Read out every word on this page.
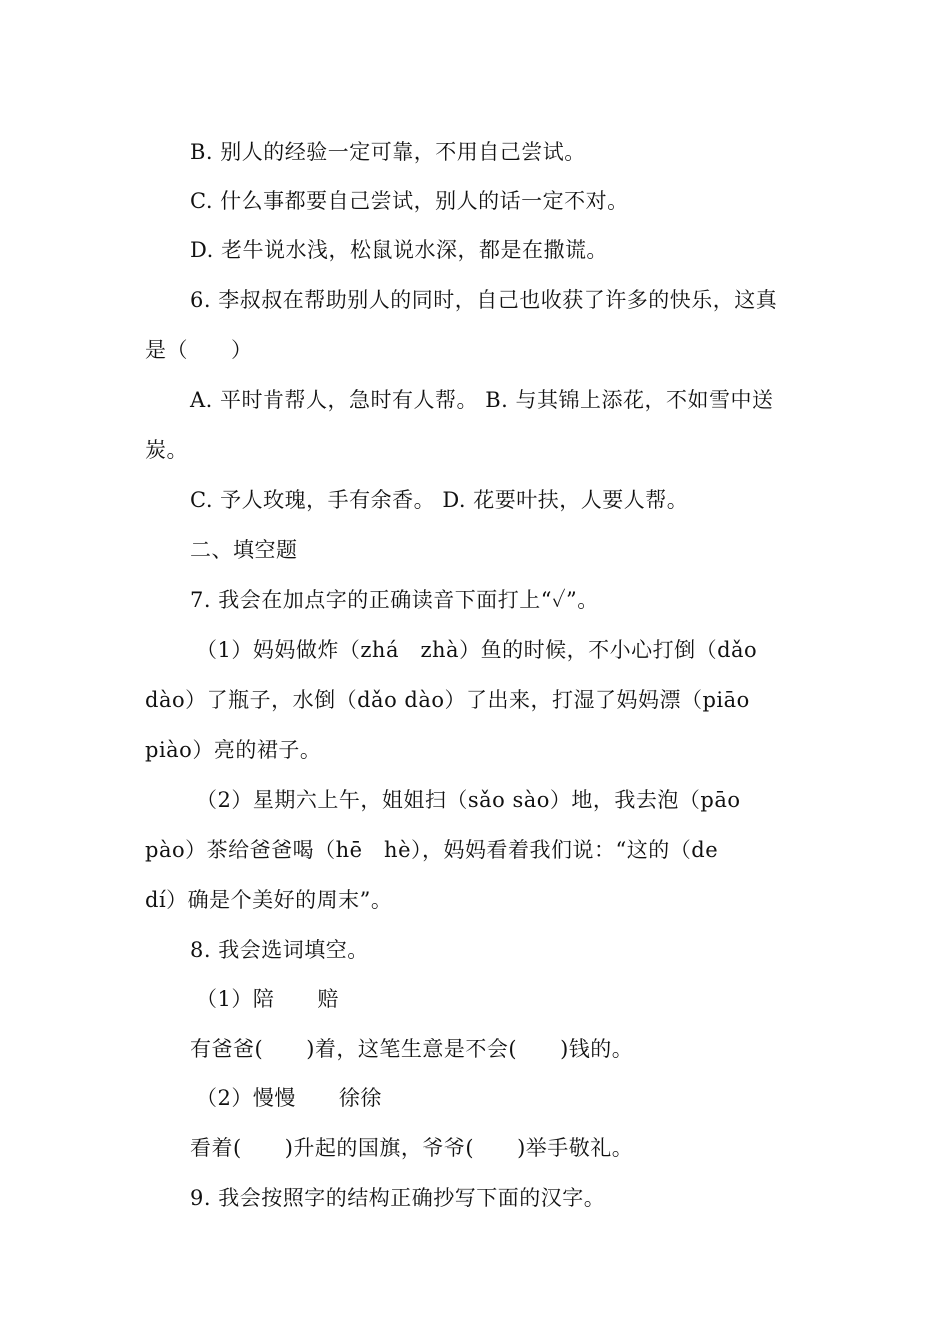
B. 别人的经验一定可靠，不用自己尝试。
C. 什么事都要自己尝试，别人的话一定不对。
D. 老牛说水浅，松鼠说水深，都是在撒谎。
6. 李叔叔在帮助别人的同时，自己也收获了许多的快乐，这真
是（　　）
A. 平时肯帮人，急时有人帮。 B. 与其锦上添花，不如雪中送
炭。
C. 予人玫瑰，手有余香。 D. 花要叶扶，人要人帮。
二、填空题
7. 我会在加点字的正确读音下面打上“✓”。
（1）妈妈做炸（zhá　zhà）鱼的时候，不小心打倒（dǎo
dào）了瓶子，水倒（dǎo dào）了出来，打湿了妈妈漂（piāo
piào）亮的裙子。
（2）星期六上午，姐姐扫（sǎo sào）地，我去泡（pāo
pào）茶给爸爸喝（hē　hè），妈妈看着我们说：“这的（de
dí）确是个美好的周末”。
8. 我会选词填空。
（1）陪　　赔
有爸爸(　　)着，这笔生意是不会(　　)钱的。
（2）慢慢　　徐徐
看着(　　)升起的国旗，爷爷(　　)举手敬礼。
9. 我会按照字的结构正确抄写下面的汉字。
